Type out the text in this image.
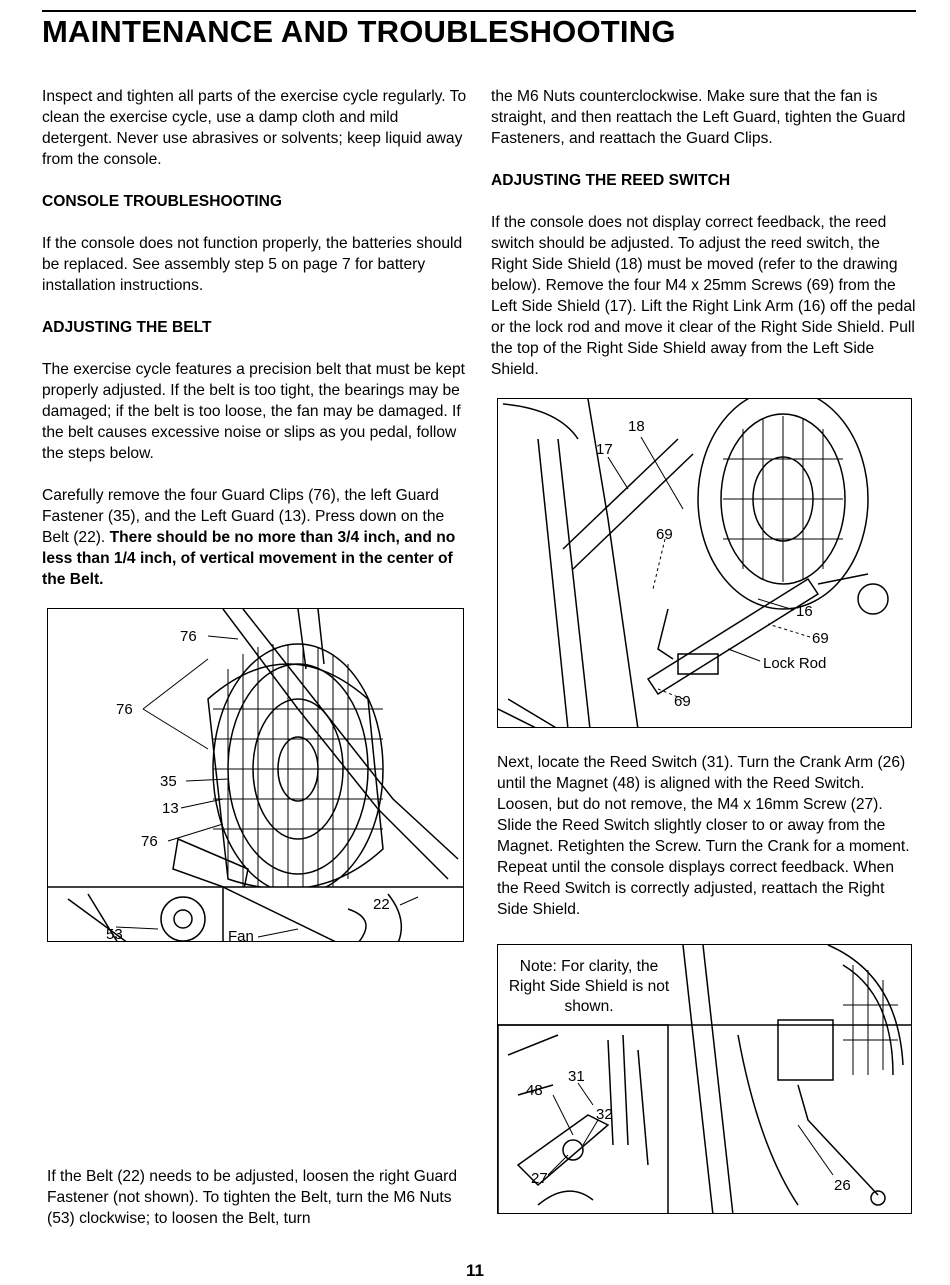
MAINTENANCE AND TROUBLESHOOTING

Inspect and tighten all parts of the exercise cycle regularly. To clean the exercise cycle, use a damp cloth and mild detergent. Never use abrasives or solvents; keep liquid away from the console.

CONSOLE TROUBLESHOOTING

If the console does not function properly, the batteries should be replaced. See assembly step 5 on page 7 for battery installation instructions.

ADJUSTING THE BELT

The exercise cycle features a precision belt that must be kept properly adjusted. If the belt is too tight, the bearings may be damaged; if the belt is too loose, the fan may be damaged. If the belt causes excessive noise or slips as you pedal, follow the steps below.

Carefully remove the four Guard Clips (76), the left Guard Fastener (35), and the Left Guard (13). Press down on the Belt (22). There should be no more than 3/4 inch, and no less than 1/4 inch, of vertical movement in the center of the Belt.

76
76
35
13
76
22
53	Fan

If the Belt (22) needs to be adjusted, loosen the right Guard Fastener (not shown). To tighten the Belt, turn the M6 Nuts (53) clockwise; to loosen the Belt, turn

the M6 Nuts counterclockwise. Make sure that the fan is straight, and then reattach the Left Guard, tighten the Guard Fasteners, and reattach the Guard Clips.

ADJUSTING THE REED SWITCH

If the console does not display correct feedback, the reed switch should be adjusted. To adjust the reed switch, the Right Side Shield (18) must be moved (refer to the drawing below). Remove the four M4 x 25mm Screws (69) from the Left Side Shield (17). Lift the Right Link Arm (16) off the pedal or the lock rod and move it clear of the Right Side Shield. Pull the top of the Right Side Shield away from the Left Side Shield.

18
17
69
16
69
Lock Rod
69

Next, locate the Reed Switch (31). Turn the Crank Arm (26) until the Magnet (48) is aligned with the Reed Switch. Loosen, but do not remove, the M4 x 16mm Screw (27). Slide the Reed Switch slightly closer to or away from the Magnet. Retighten the Screw. Turn the Crank for a moment. Repeat until the console displays correct feedback. When the Reed Switch is correctly adjusted, reattach the Right Side Shield.

31
48
32
27	26
Note: For clarity, the Right Side Shield is not shown.
11
